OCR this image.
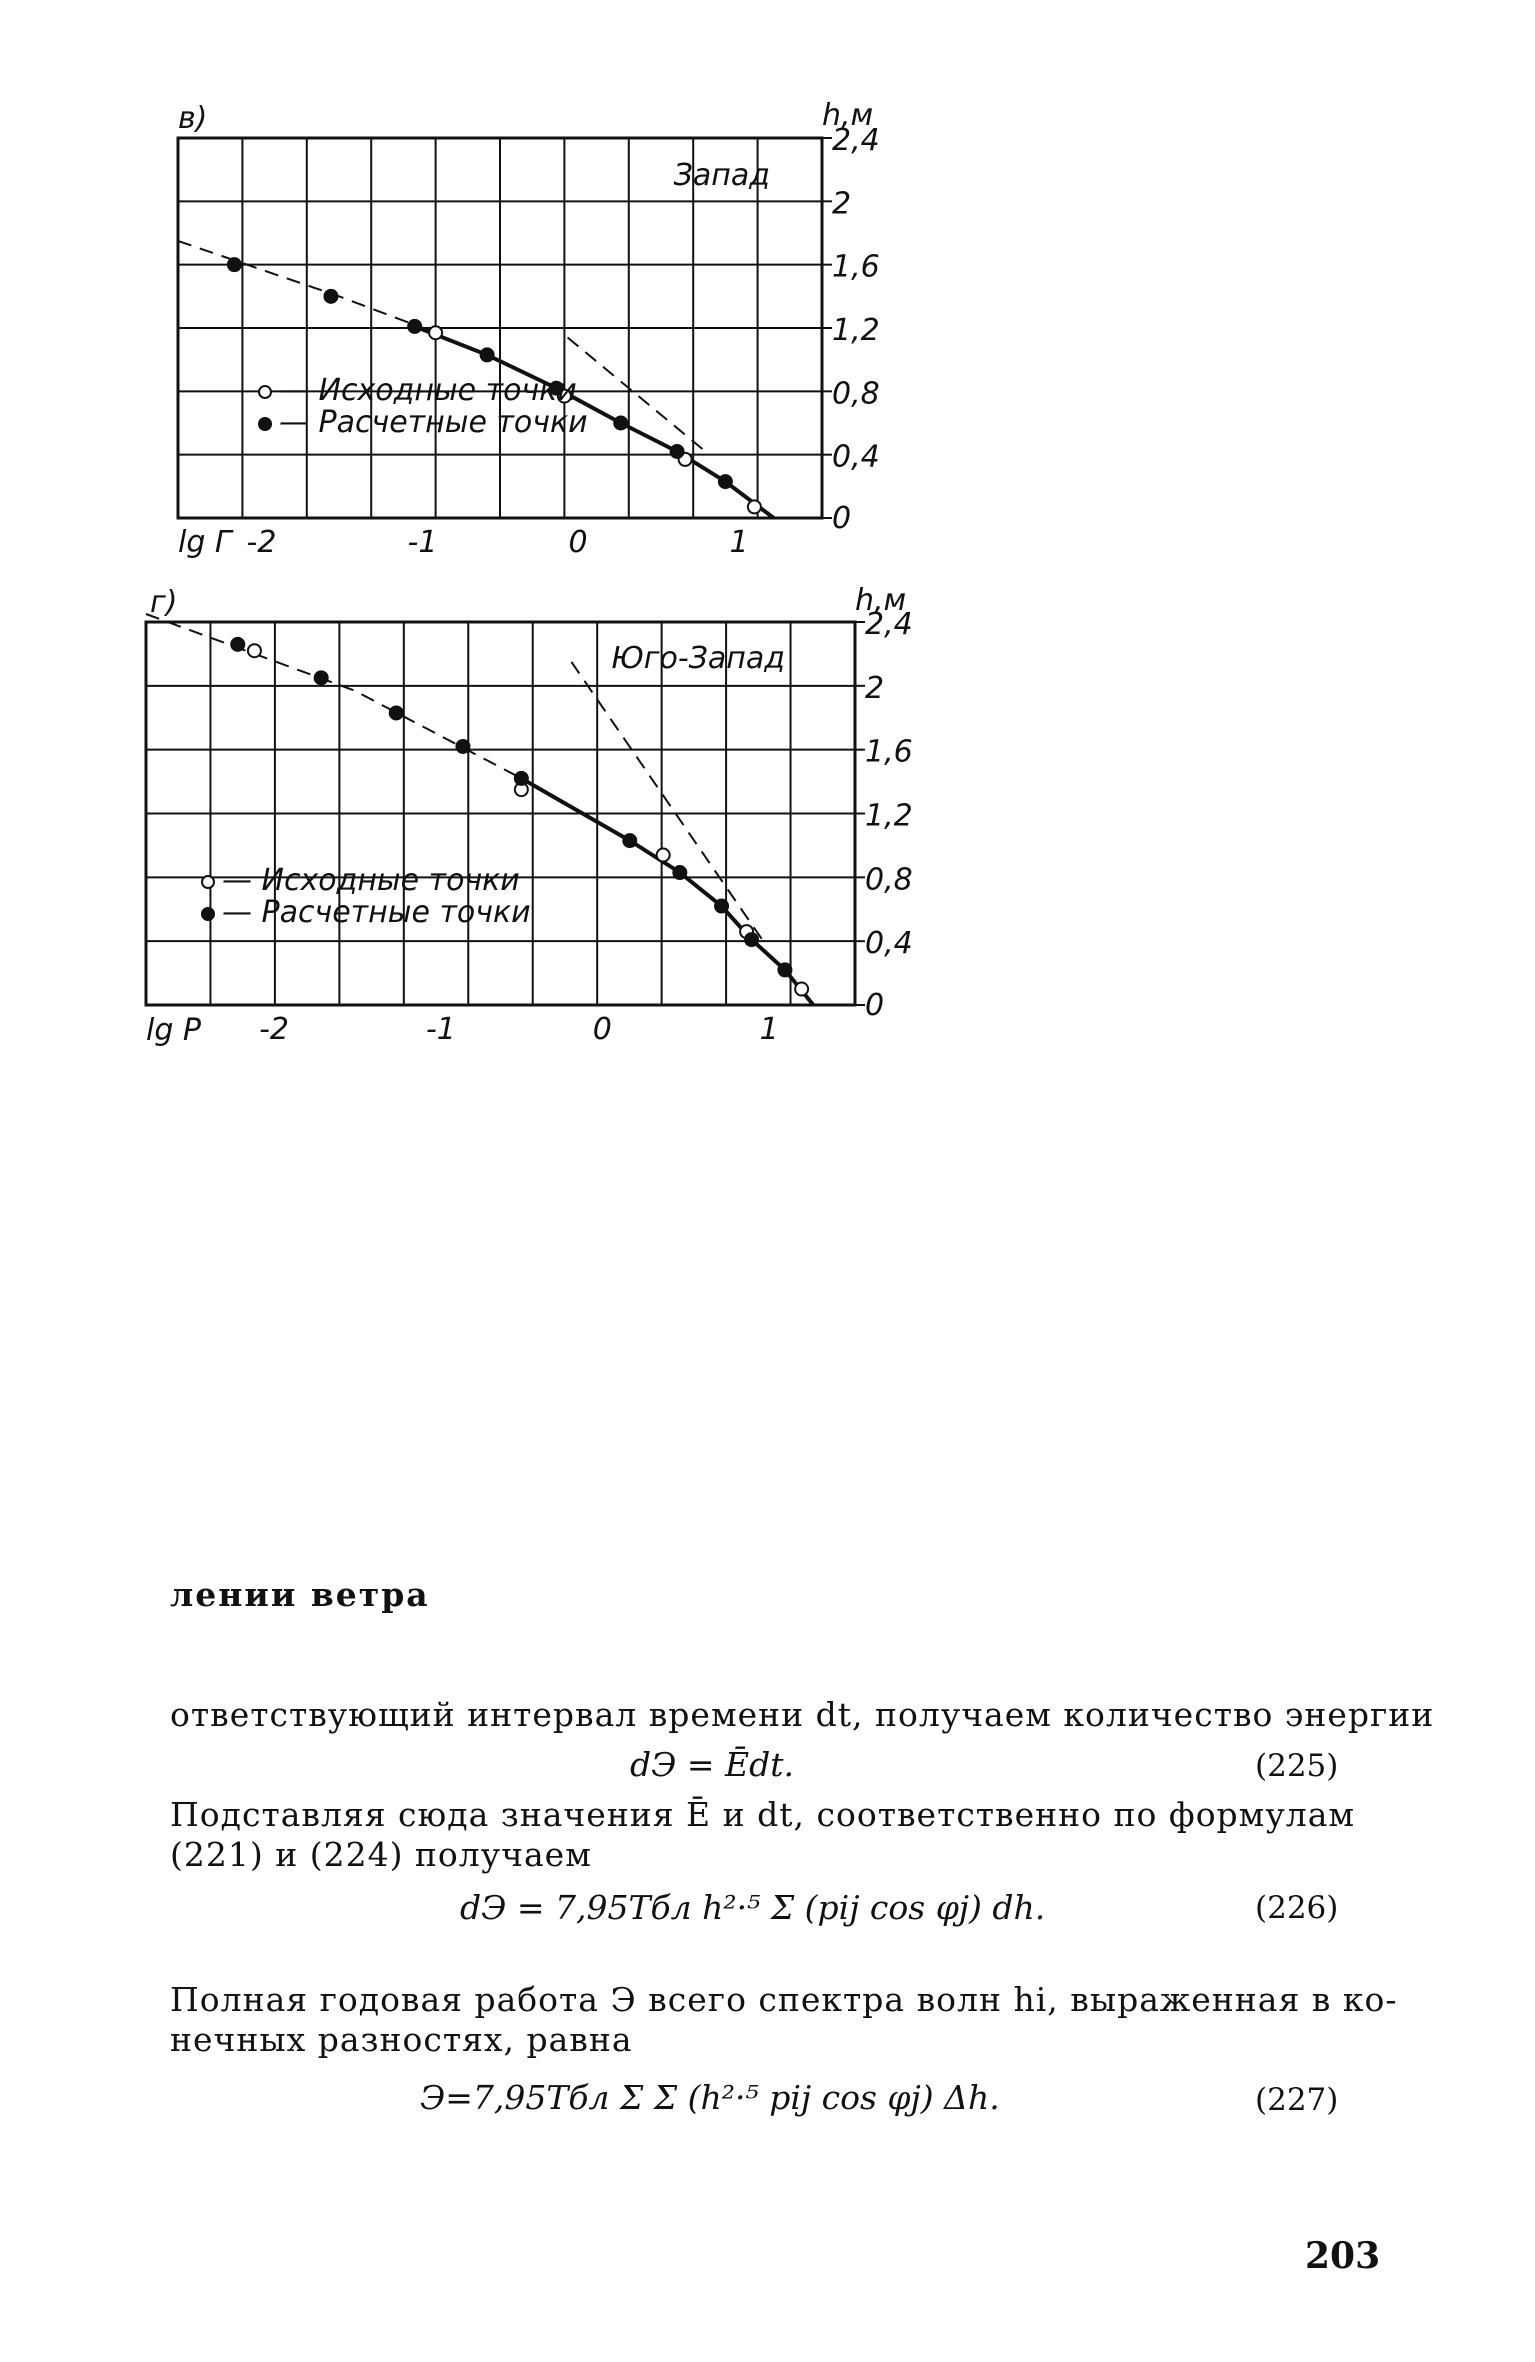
0
0,4
0,8
1,2
1,6
2
2,4
-2	-1	0	1
lg Г
h,м
в)
Запад
— Исходные точки
— Расчетные точки
0
0,4
0,8
1,2
1,6
2
2,4
-2	-1	0	1
lg P
h,м
г)
Юго-Запад
— Исходные точки
— Расчетные точки
лении ветра
ответствующий интервал времени dt, получаем количество энергии
dЭ = Ēdt.	(225)
Подставляя сюда значения Ē и dt, соответственно по формулам
(221) и (224) получаем
dЭ = 7,95Tбл h²·⁵ Σ (pij cos φj) dh.	(226)
Полная годовая работа Э всего спектра волн hi, выраженная в ко-
нечных разностях, равна
Э=7,95Tбл Σ Σ (h²·⁵ pij cos φj) Δh.	(227)
203
